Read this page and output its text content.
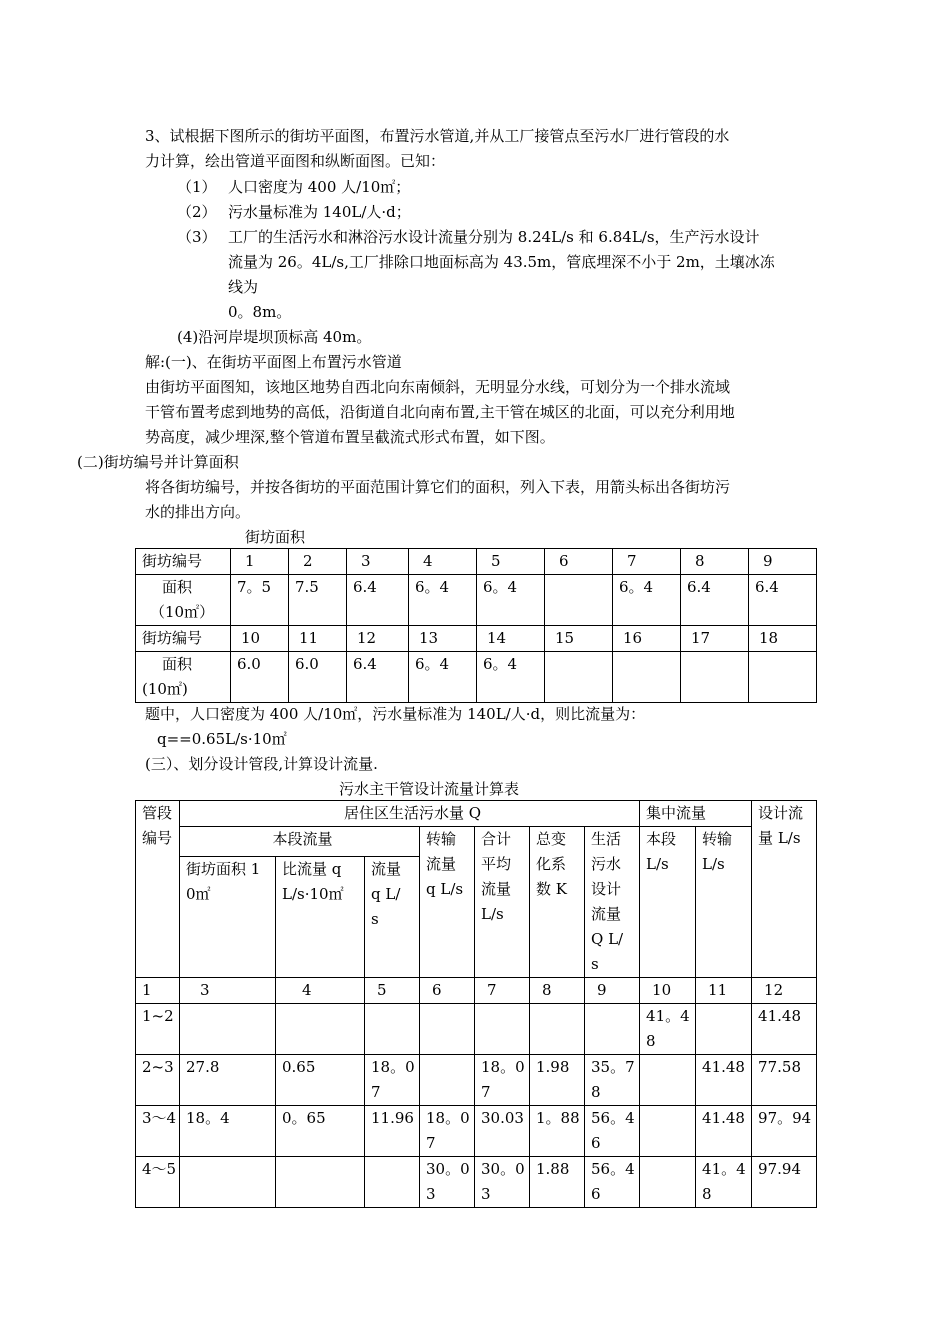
3、试根据下图所示的街坊平面图，布置污水管道,并从工厂接管点至污水厂进行管段的水
力计算，绘出管道平面图和纵断面图。已知：
（1） 人口密度为 400 人/10㎡；
（2） 污水量标准为 140L/人·d；
（3） 工厂的生活污水和淋浴污水设计流量分别为 8.24L/s 和 6.84L/s，生产污水设计
流量为 26。4L/s,工厂排除口地面标高为 43.5m，管底埋深不小于 2m，土壤冰冻
线为
0。8m。
(4)沿河岸堤坝顶标高 40m。
解:(一)、在街坊平面图上布置污水管道
由街坊平面图知，该地区地势自西北向东南倾斜，无明显分水线，可划分为一个排水流域
干管布置考虑到地势的高低，沿街道自北向南布置,主干管在城区的北面，可以充分利用地
势高度，减少埋深,整个管道布置呈截流式形式布置，如下图。
(二)街坊编号并计算面积
将各街坊编号，并按各街坊的平面范围计算它们的面积，列入下表，用箭头标出各街坊污
水的排出方向。
街坊面积
街坊编号	1	2	3	4	5	6	7	8	9

面积
（10㎡）	7。5	7.5	6.4	6。4	6。4		6。4	6.4	6.4
街坊编号	10	11	12	13	14	15	16	17	18

面积
(10㎡)	6.0	6.0	6.4	6。4	6。4				
题中，人口密度为 400 人/10㎡，污水量标准为 140L/人·d，则比流量为：
q==0.65L/s·10㎡
(三）、划分设计管段,计算设计流量.
污水主干管设计流量计算表
管段编号	居住区生活污水量 Q							集中流量		设计流量 L/s
	本段流量			转输流量 q L/s	合计平均流量 L/s	总变化系数 K	生活污水设计流量 Q L/s	本段 L/s	转输 L/s	
	街坊面积 10㎡	比流量 q L/s·10㎡	流量 q L/s							
1	3	4	5	6	7	8	9	10	11	12
1~2								41。48		41.48
2~3	27.8	0.65	18。07		18。07	1.98	35。78		41.48	77.58
3～4	18。4	0。65	11.96	18。07	30.03	1。88	56。46		41.48	97。94
4～5				30。03	30。03	1.88	56。46		41。48	97.94
